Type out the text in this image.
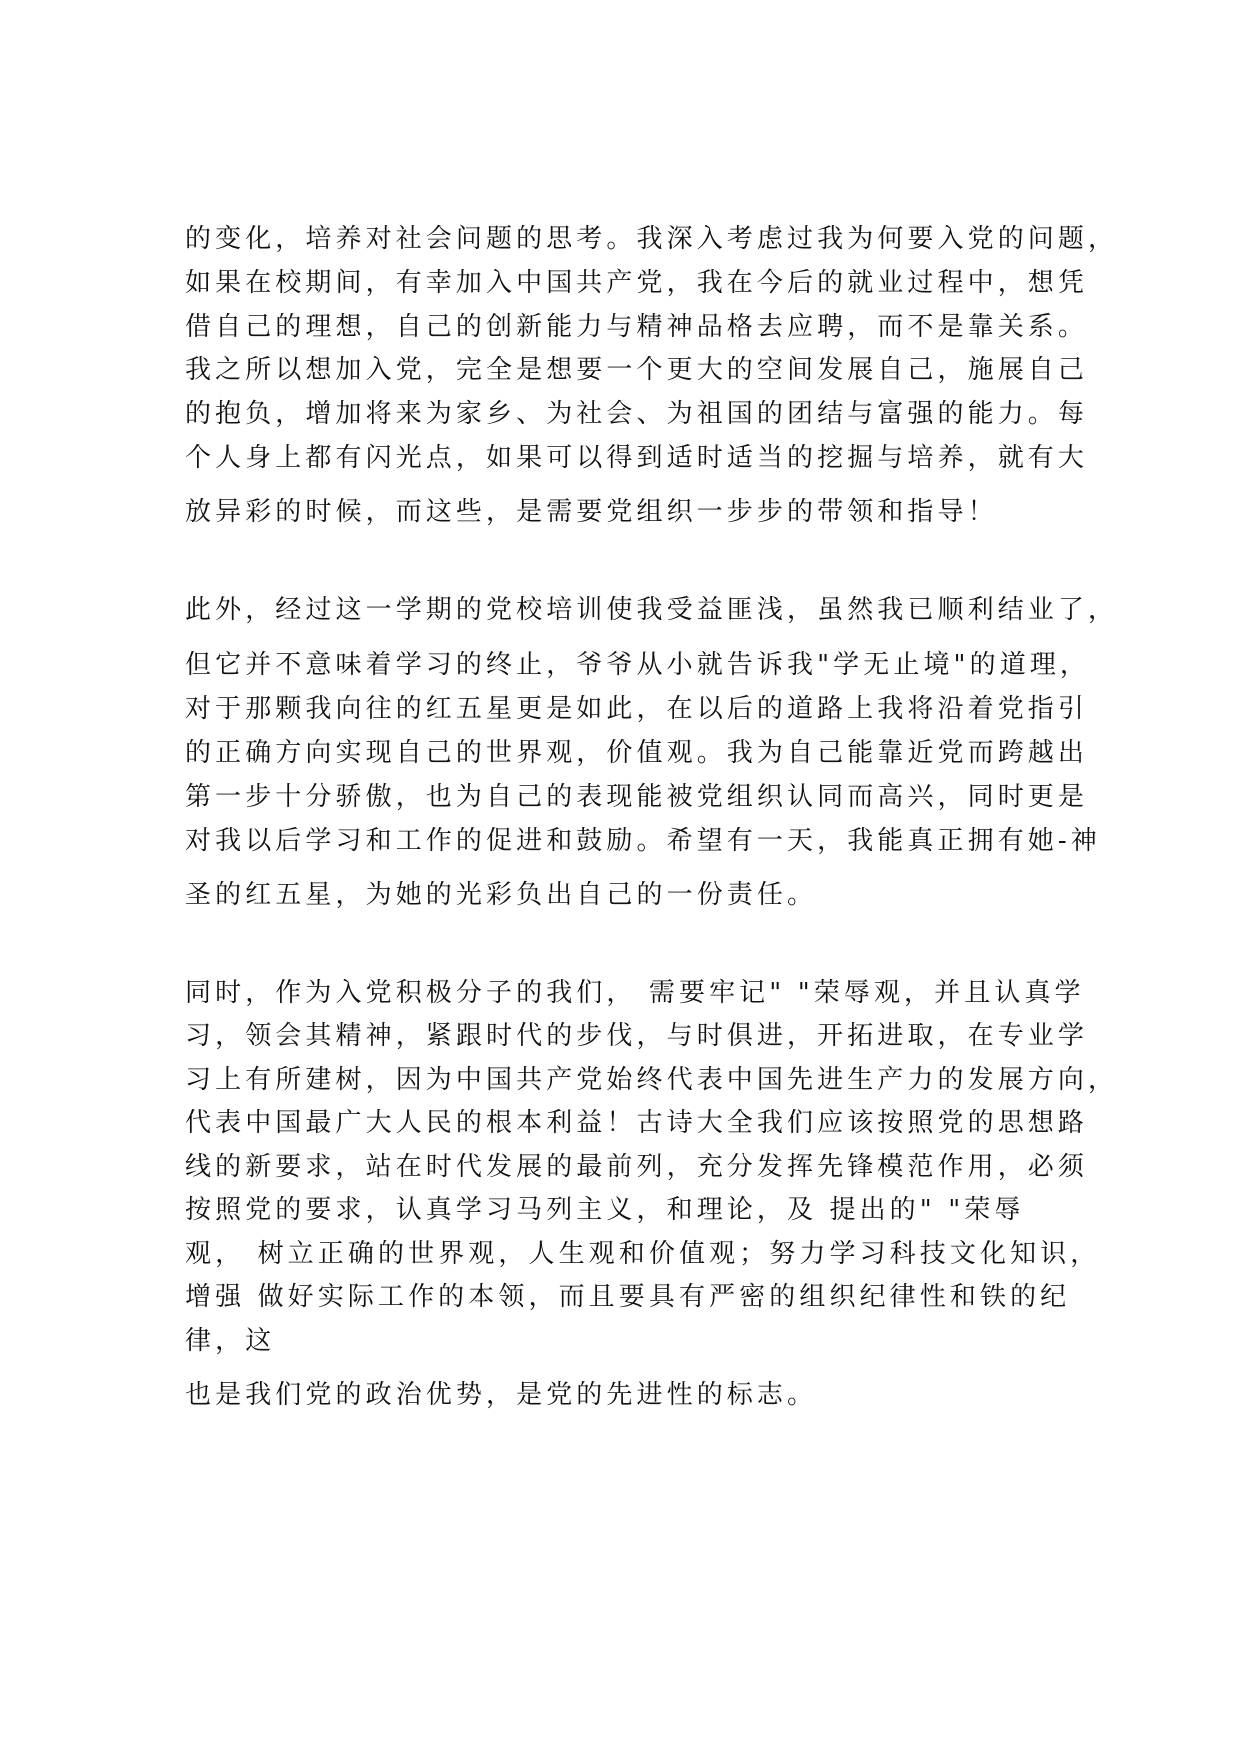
的变化，培养对社会问题的思考。我深入考虑过我为何要入党的问题，
如果在校期间，有幸加入中国共产党，我在今后的就业过程中，想凭
借自己的理想，自己的创新能力与精神品格去应聘，而不是靠关系。
我之所以想加入党，完全是想要一个更大的空间发展自己，施展自己
的抱负，增加将来为家乡、为社会、为祖国的团结与富强的能力。每
个人身上都有闪光点，如果可以得到适时适当的挖掘与培养，就有大
放异彩的时候，而这些，是需要党组织一步步的带领和指导！
此外，经过这一学期的党校培训使我受益匪浅，虽然我已顺利结业了，
但它并不意味着学习的终止，爷爷从小就告诉我"学无止境"的道理，
对于那颗我向往的红五星更是如此，在以后的道路上我将沿着党指引
的正确方向实现自己的世界观，价值观。我为自己能靠近党而跨越出
第一步十分骄傲，也为自己的表现能被党组织认同而高兴，同时更是
对我以后学习和工作的促进和鼓励。希望有一天，我能真正拥有她-神
圣的红五星，为她的光彩负出自己的一份责任。
同时，作为入党积极分子的我们， 需要牢记" "荣辱观，并且认真学
习，领会其精神，紧跟时代的步伐，与时俱进，开拓进取，在专业学
习上有所建树，因为中国共产党始终代表中国先进生产力的发展方向，
代表中国最广大人民的根本利益！古诗大全我们应该按照党的思想路
线的新要求，站在时代发展的最前列，充分发挥先锋模范作用，必须
按照党的要求，认真学习马列主义，和理论，及 提出的" "荣辱
观， 树立正确的世界观，人生观和价值观；努力学习科技文化知识，
增强 做好实际工作的本领，而且要具有严密的组织纪律性和铁的纪
律，这
也是我们党的政治优势，是党的先进性的标志。
